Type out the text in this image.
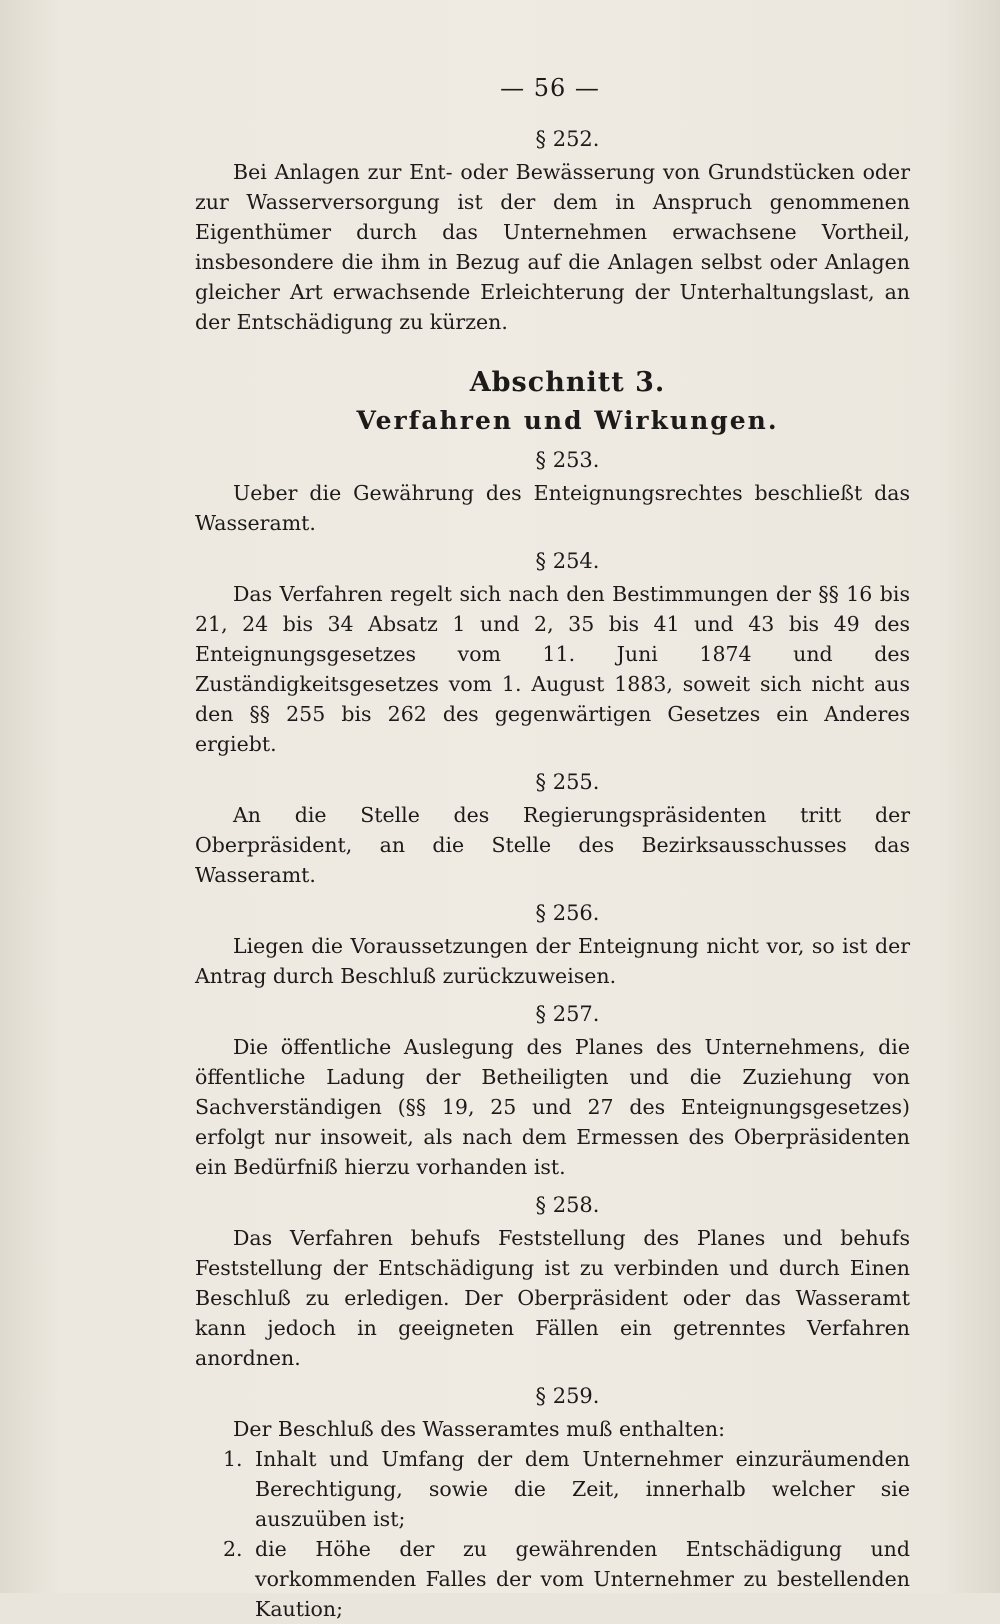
— 56 —
§ 252.

Bei Anlagen zur Ent- oder Bewässerung von Grundstücken oder zur Wasserversorgung ist der dem in Anspruch genommenen Eigenthümer durch das Unternehmen erwachsene Vortheil, insbesondere die ihm in Bezug auf die Anlagen selbst oder Anlagen gleicher Art erwachsende Erleichterung der Unterhaltungslast, an der Entschädigung zu kürzen.

Abschnitt 3.
Verfahren und Wirkungen.
§ 253.

Ueber die Gewährung des Enteignungsrechtes beschließt das Wasseramt.

§ 254.

Das Verfahren regelt sich nach den Bestimmungen der §§ 16 bis 21, 24 bis 34 Absatz 1 und 2, 35 bis 41 und 43 bis 49 des Enteignungsgesetzes vom 11. Juni 1874 und des Zuständigkeitsgesetzes vom 1. August 1883, soweit sich nicht aus den §§ 255 bis 262 des gegenwärtigen Gesetzes ein Anderes ergiebt.

§ 255.

An die Stelle des Regierungspräsidenten tritt der Oberpräsident, an die Stelle des Bezirksausschusses das Wasseramt.

§ 256.

Liegen die Voraussetzungen der Enteignung nicht vor, so ist der Antrag durch Beschluß zurückzuweisen.

§ 257.

Die öffentliche Auslegung des Planes des Unternehmens, die öffentliche Ladung der Betheiligten und die Zuziehung von Sachverständigen (§§ 19, 25 und 27 des Enteignungsgesetzes) erfolgt nur insoweit, als nach dem Ermessen des Oberpräsidenten ein Bedürfniß hierzu vorhanden ist.

§ 258.

Das Verfahren behufs Feststellung des Planes und behufs Feststellung der Entschädigung ist zu verbinden und durch Einen Beschluß zu erledigen. Der Oberpräsident oder das Wasseramt kann jedoch in geeigneten Fällen ein getrenntes Verfahren anordnen.

§ 259.

Der Beschluß des Wasseramtes muß enthalten:

1. Inhalt und Umfang der dem Unternehmer einzuräumenden Berechtigung, sowie die Zeit, innerhalb welcher sie auszuüben ist;
2. die Höhe der zu gewährenden Entschädigung und vorkommenden Falles der vom Unternehmer zu bestellenden Kaution;
